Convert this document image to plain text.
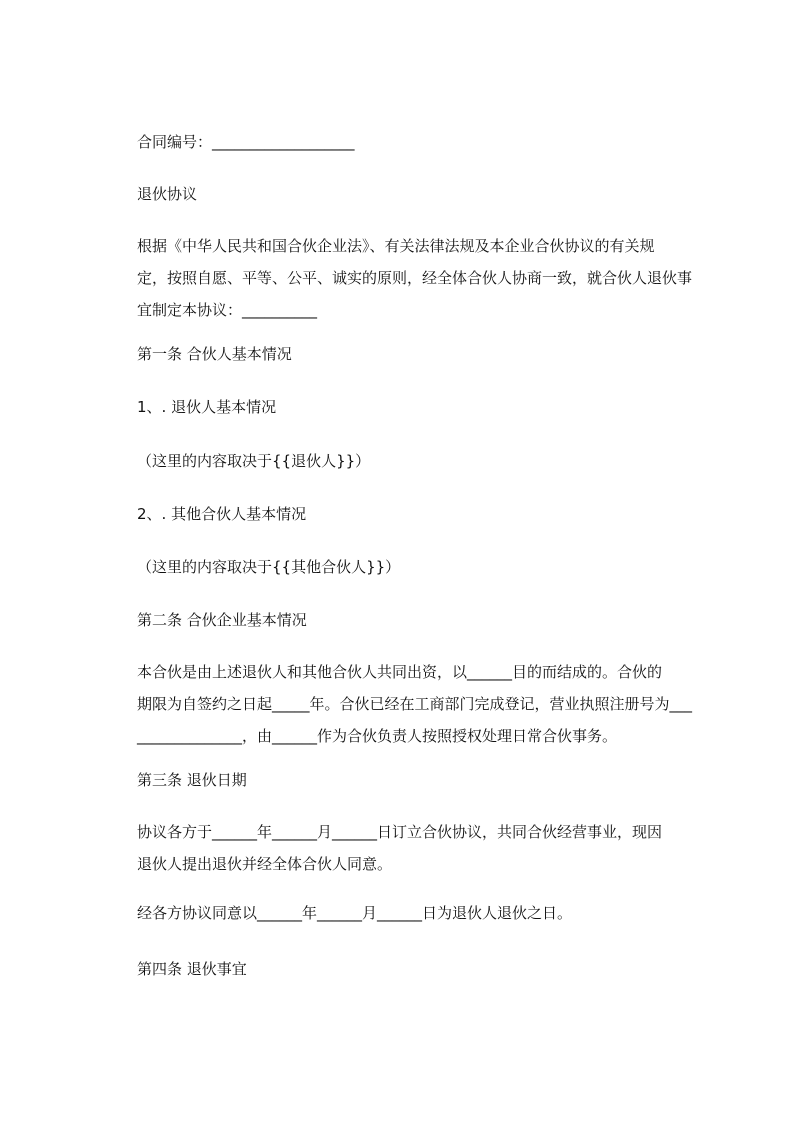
合同编号：___________________
退伙协议
根据《中华人民共和国合伙企业法》、有关法律法规及本企业合伙协议的有关规
定，按照自愿、平等、公平、诚实的原则，经全体合伙人协商一致，就合伙人退伙事
宜制定本协议：__________
第一条 合伙人基本情况
1、. 退伙人基本情况
（这里的内容取决于{{退伙人}}）
2、. 其他合伙人基本情况
（这里的内容取决于{{其他合伙人}}）
第二条 合伙企业基本情况
本合伙是由上述退伙人和其他合伙人共同出资，以______目的而结成的。合伙的
期限为自签约之日起_____年。合伙已经在工商部门完成登记，营业执照注册号为___
______________，由______作为合伙负责人按照授权处理日常合伙事务。
第三条 退伙日期
协议各方于______年______月______日订立合伙协议，共同合伙经营事业，现因
退伙人提出退伙并经全体合伙人同意。
经各方协议同意以______年______月______日为退伙人退伙之日。
第四条 退伙事宜
